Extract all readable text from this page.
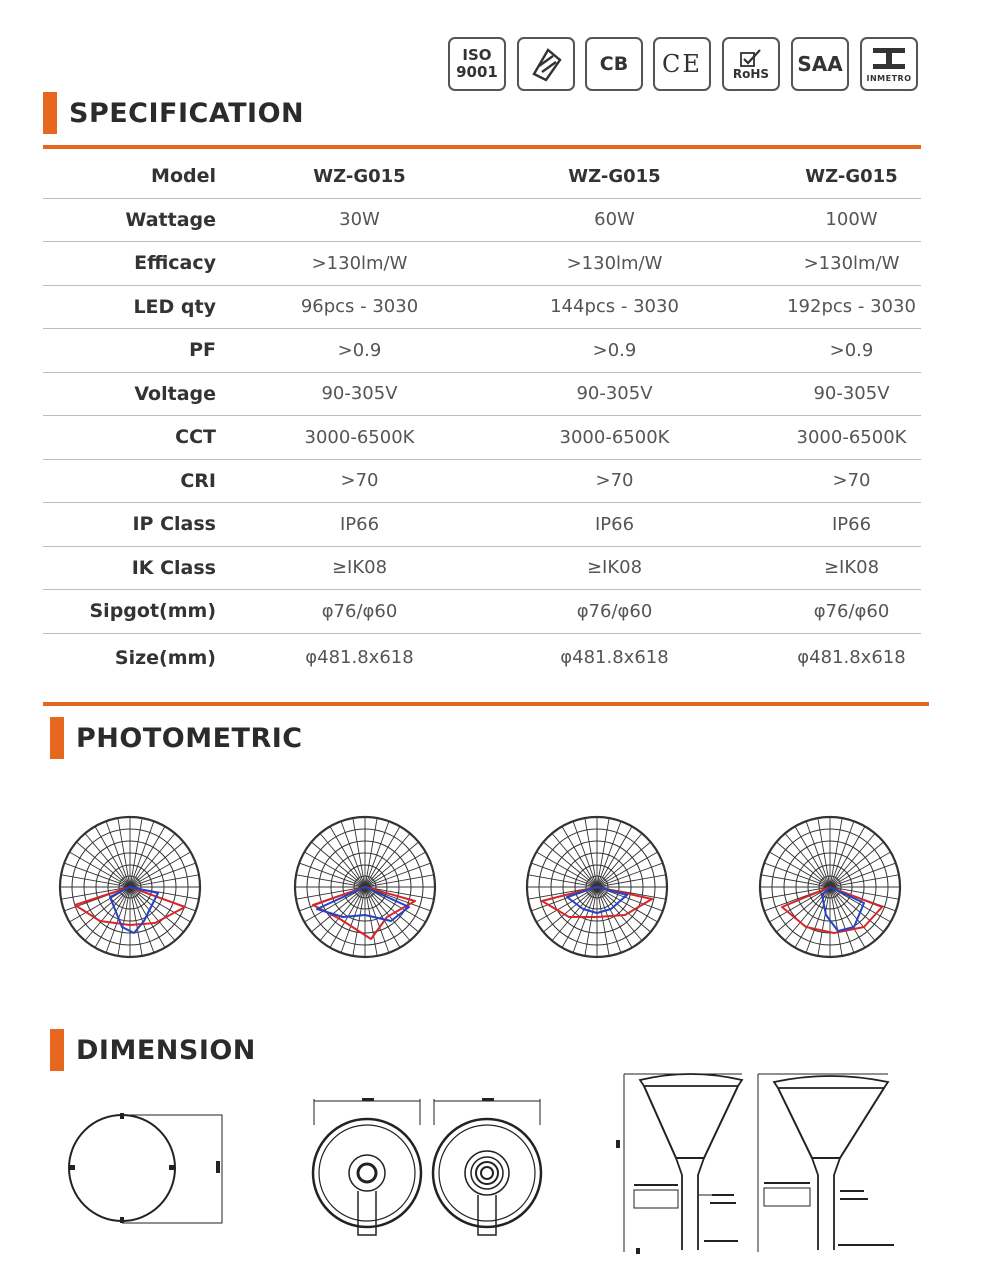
ISO
9001	CB CE	RoHS SAA
INMETRO
SPECIFICATION
Model	WZ-G015	WZ-G015	WZ-G015
Wattage	30W	60W	100W
Efficacy	>130lm/W	>130lm/W	>130lm/W
LED qty	96pcs - 3030	144pcs - 3030	192pcs - 3030
PF	>0.9	>0.9	>0.9
Voltage	90-305V	90-305V	90-305V
CCT	3000-6500K	3000-6500K	3000-6500K
CRI	>70	>70	>70
IP Class	IP66	IP66	IP66
IK Class	≥IK08	≥IK08	≥IK08
Sipgot(mm)	φ76/φ60	φ76/φ60	φ76/φ60
Size(mm)	φ481.8x618	φ481.8x618	φ481.8x618
PHOTOMETRIC
DIMENSION
